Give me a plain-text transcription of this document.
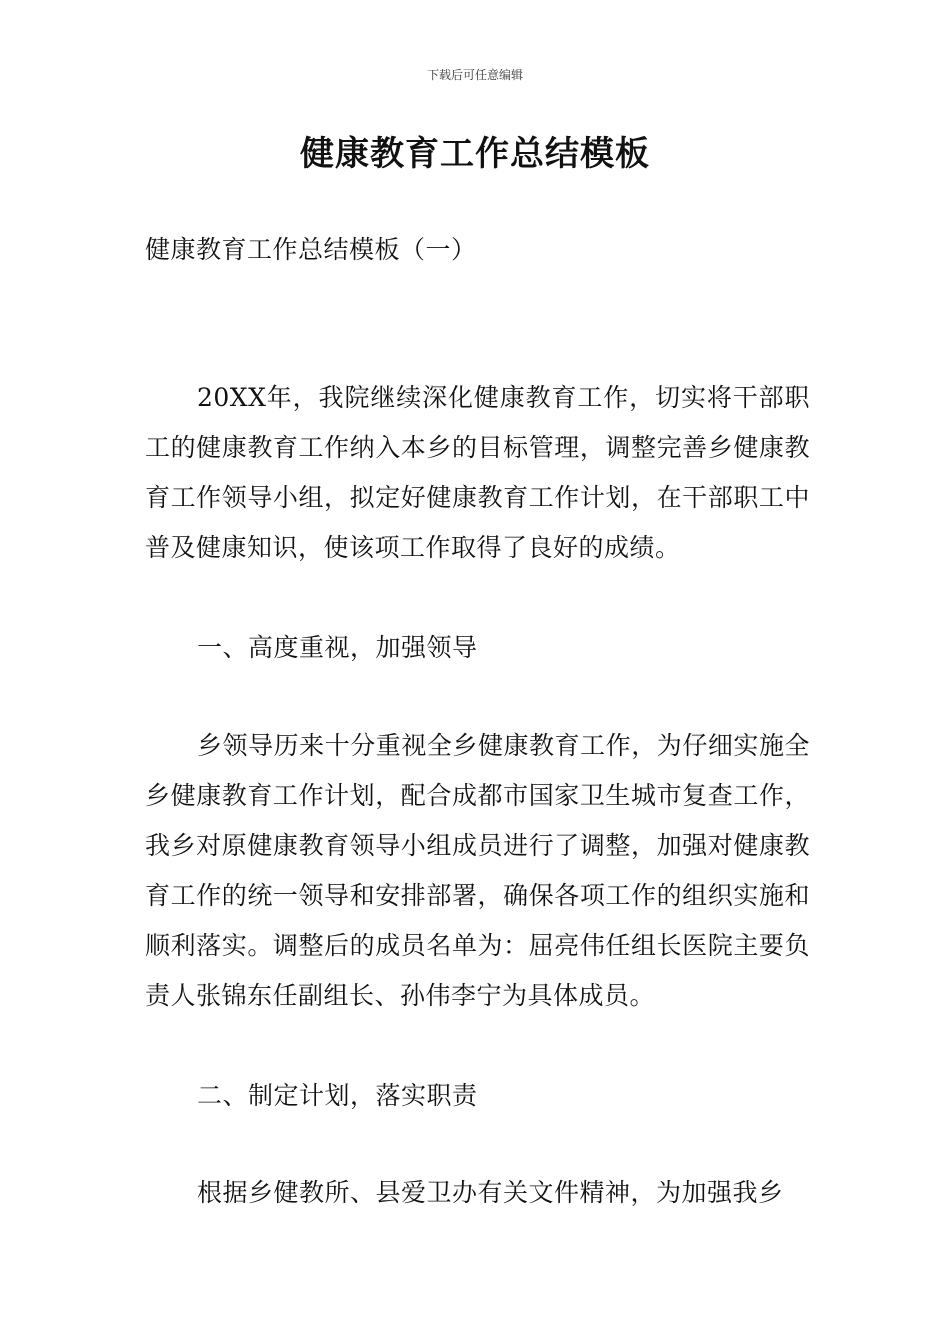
下载后可任意编辑
健康教育工作总结模板
健康教育工作总结模板（一）

20XX年，我院继续深化健康教育工作，切实将干部职工的健康教育工作纳入本乡的目标管理，调整完善乡健康教育工作领导小组，拟定好健康教育工作计划，在干部职工中普及健康知识，使该项工作取得了良好的成绩。

一、高度重视，加强领导

乡领导历来十分重视全乡健康教育工作，为仔细实施全乡健康教育工作计划，配合成都市国家卫生城市复查工作，我乡对原健康教育领导小组成员进行了调整，加强对健康教育工作的统一领导和安排部署，确保各项工作的组织实施和顺利落实。调整后的成员名单为：屈亮伟任组长医院主要负责人张锦东任副组长、孙伟李宁为具体成员。

二、制定计划，落实职责

根据乡健教所、县爱卫办有关文件精神，为加强我乡
